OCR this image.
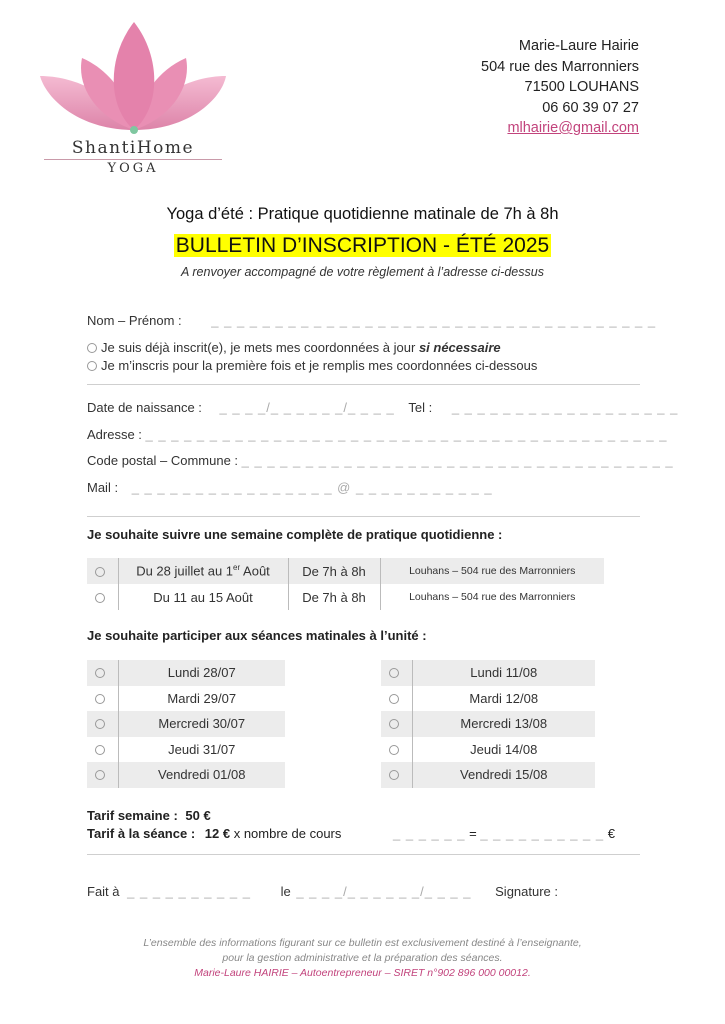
ShantiHome
YOGA
Marie-Laure Hairie
504 rue des Marronniers
71500 LOUHANS
06 60 39 07 27
mlhairie@gmail.com
Yoga d’été : Pratique quotidienne matinale de 7h à 8h
BULLETIN D’INSCRIPTION - ÉTÉ 2025
A renvoyer accompagné de votre règlement à l’adresse ci-dessus
Nom – Prénom : _ _ _ _ _ _ _ _ _ _ _ _ _ _ _ _ _ _ _ _ _ _ _ _ _ _ _ _ _ _ _ _ _ _ _
Je suis déjà inscrit(e), je mets mes coordonnées à jour si nécessaire
Je m’inscris pour la première fois et je remplis mes coordonnées ci-dessous
Date de naissance : _ _ _ _/_ _ _ _ _ _/_ _ _ _ Tel : _ _ _ _ _ _ _ _ _ _ _ _ _ _ _ _ _ _
Adresse : _ _ _ _ _ _ _ _ _ _ _ _ _ _ _ _ _ _ _ _ _ _ _ _ _ _ _ _ _ _ _ _ _ _ _ _ _ _ _ _ _
Code postal – Commune : _ _ _ _ _ _ _ _ _ _ _ _ _ _ _ _ _ _ _ _ _ _ _ _ _ _ _ _ _ _ _ _ _ _
Mail : _ _ _ _ _ _ _ _ _ _ _ _ _ _ _ _ @ _ _ _ _ _ _ _ _ _ _ _
Je souhaite suivre une semaine complète de pratique quotidienne :
	Du 28 juillet au 1er Août	De 7h à 8h	Louhans – 504 rue des Marronniers
	Du 11 au 15 Août	De 7h à 8h	Louhans – 504 rue des Marronniers
Je souhaite participer aux séances matinales à l’unité :
	Lundi 28/07
	Mardi 29/07
	Mercredi 30/07
	Jeudi 31/07
	Vendredi 01/08
	Lundi 11/08
	Mardi 12/08
	Mercredi 13/08
	Jeudi 14/08
	Vendredi 15/08
Tarif semaine : 50 €
Tarif à la séance : 12 € x nombre de cours	_ _ _ _ _ _ = _ _ _ _ _ _ _ _ _ _ €
Fait à _ _ _ _ _ _ _ _ _ _ le _ _ _ _/_ _ _ _ _ _/_ _ _ _ Signature :
L’ensemble des informations figurant sur ce bulletin est exclusivement destiné à l’enseignante,
pour la gestion administrative et la préparation des séances.
Marie-Laure HAIRIE – Autoentrepreneur – SIRET n°902 896 000 00012.
